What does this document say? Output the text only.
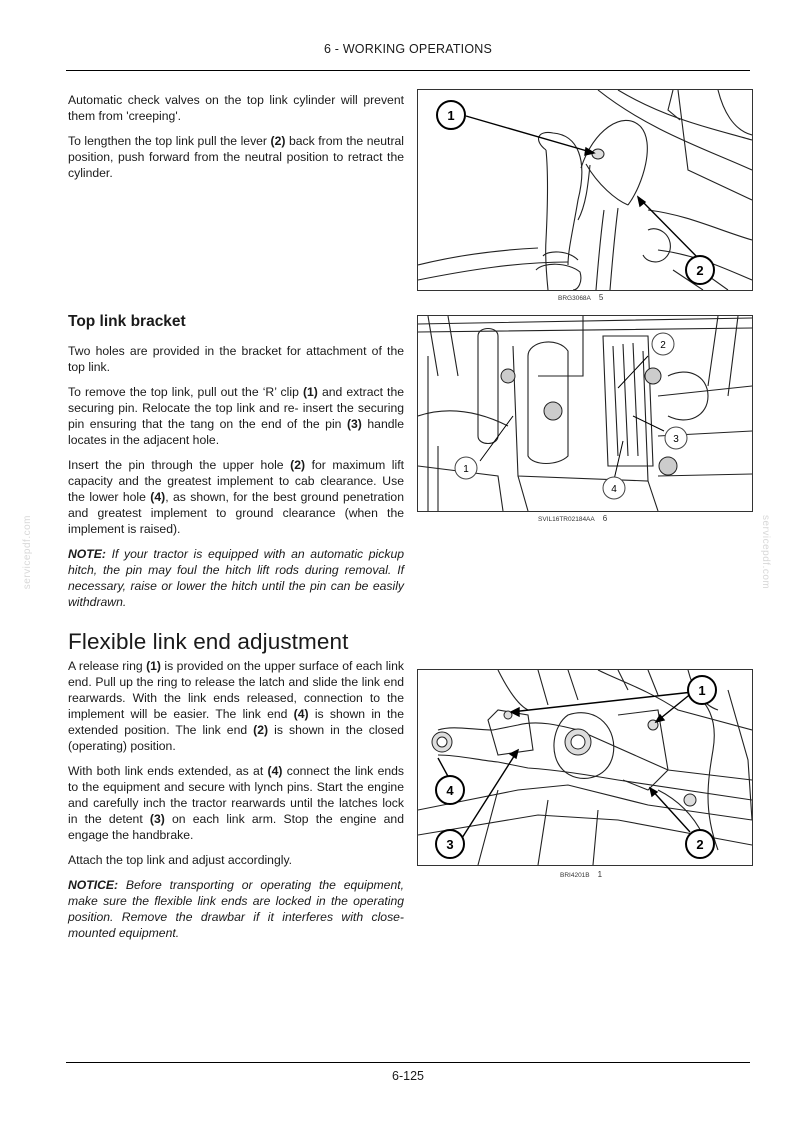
6 - WORKING OPERATIONS
servicepdf.com	servicepdf.com

Automatic check valves on the top link cylinder will prevent them from 'creeping'.

To lengthen the top link pull the lever (2) back from the neutral position, push forward from the neutral position to retract the cylinder.

1
2
BRG3068A 5
Top link bracket

Two holes are provided in the bracket for attachment of the top link.

To remove the top link, pull out the ‘R’ clip (1) and extract the securing pin. Relocate the top link and re- insert the securing pin ensuring that the tang on the end of the pin (3) handle locates in the adjacent hole.

Insert the pin through the upper hole (2) for maximum lift capacity and the greatest implement to cab clearance. Use the lower hole (4), as shown, for the best ground penetration and greatest implement to ground clearance (when the implement is raised).

NOTE: If your tractor is equipped with an automatic pickup hitch, the pin may foul the hitch lift rods during removal. If necessary, raise or lower the hitch until the pin can be easily withdrawn.

1
2
3
4
SVIL16TR02184AA 6
Flexible link end adjustment

A release ring (1) is provided on the upper surface of each link end. Pull up the ring to release the latch and slide the link end rearwards. With the link ends released, connection to the implement will be easier. The link end (4) is shown in the extended position. The link end (2) is shown in the closed (operating) position.

With both link ends extended, as at (4) connect the link ends to the equipment and secure with lynch pins. Start the engine and carefully inch the tractor rearwards until the latches lock in the detent (3) on each link arm. Stop the engine and engage the handbrake.

Attach the top link and adjust accordingly.

NOTICE: Before transporting or operating the equipment, make sure the flexible link ends are locked in the operating position. Remove the drawbar if it interferes with close-mounted equipment.

1
4
3	2
BRI4201B 1
6-125
